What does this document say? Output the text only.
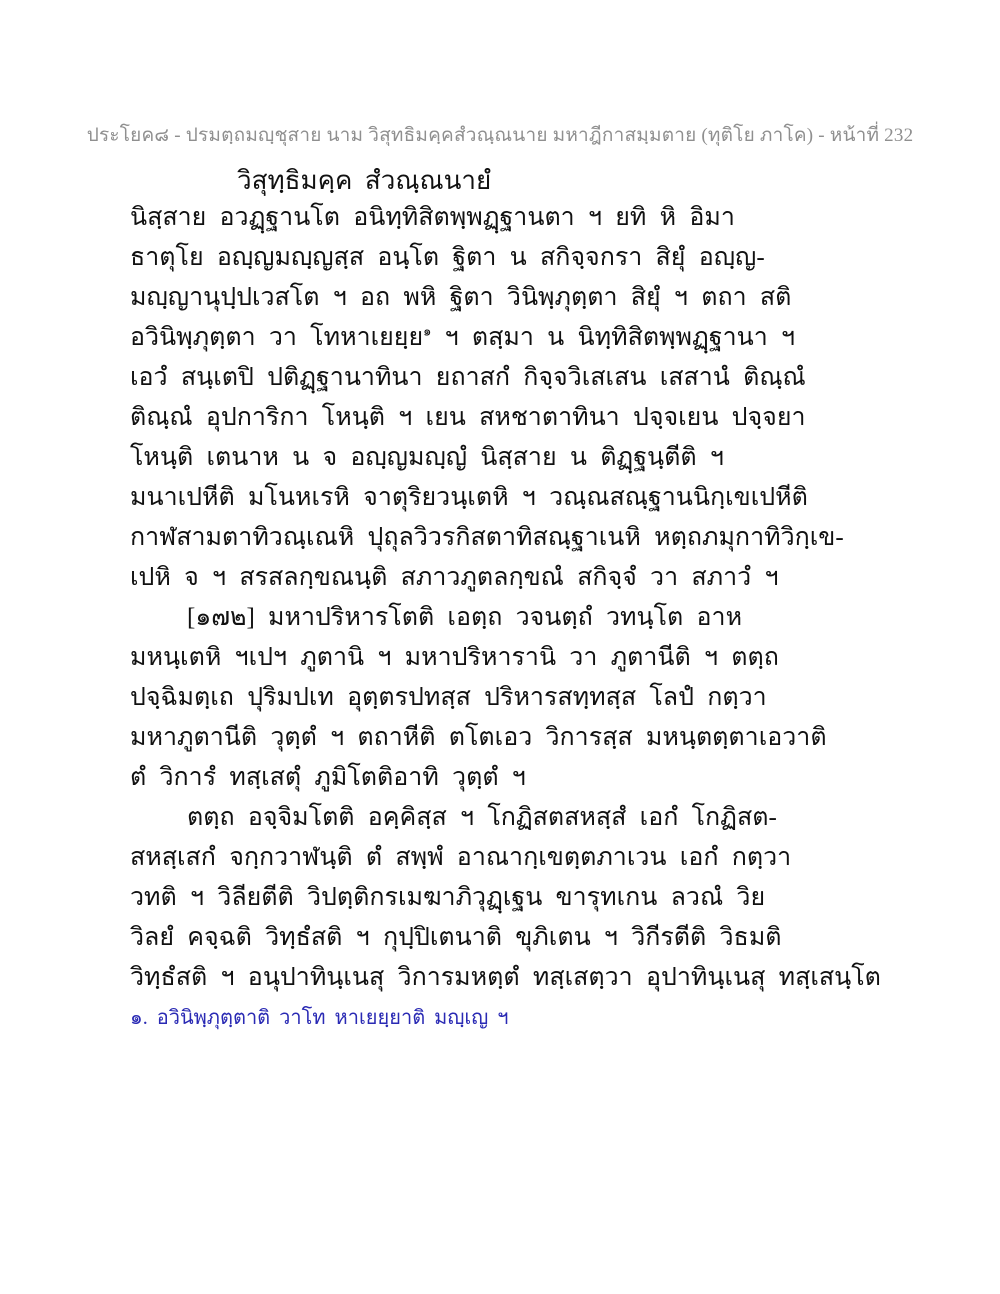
ประโยค๘ - ปรมตฺถมญฺชุสาย นาม วิสุทธิมคฺคสํวณฺณนาย มหาฎีกาสมฺมตาย (ทุติโย ภาโค) - หน้าที่ 232
วิสุทฺธิมคฺค สํวณฺณนายํ
นิสฺสาย อวฏฺฐานโต อนิทฺทิสิตพฺพฏฺฐานตา ฯ ยทิ หิ อิมา
ธาตุโย อญฺญมญฺญสฺส อนฺโต ฐิตา น สกิจฺจกรา สิยุํ อญฺญ-
มญฺญานุปฺปเวสโต ฯ อถ พหิ ฐิตา วินิพฺภุตฺตา สิยุํ ฯ ตถา สติ
อวินิพฺภุตฺตา วา โทหาเยยฺย$^๑$ ฯ ตสฺมา น นิทฺทิสิตพฺพฏฺฐานา ฯ
เอวํ สนฺเตปิ ปติฏฺฐานาทินา ยถาสกํ กิจฺจวิเสเสน เสสานํ ติณฺณํ
ติณฺณํ อุปการิกา โหนฺติ ฯ เยน สหชาตาทินา ปจฺจเยน ปจฺจยา
โหนฺติ เตนาห น จ อญฺญมญฺญํ นิสฺสาย น ติฏฺฐนฺตีติ ฯ
มนาเปหีติ มโนหเรหิ จาตุริยวนฺเตหิ ฯ วณฺณสณฺฐานนิกฺเขเปหีติ
กาฬสามตาทิวณฺเณหิ ปุถุลวิวรกิสตาทิสณฺฐาเนหิ หตฺถภมุกาทิวิกฺเข-
เปหิ จ ฯ สรสลกฺขณนฺติ สภาวภูตลกฺขณํ สกิจฺจํ วา สภาวํ ฯ
[๑๗๒] มหาปริหารโตติ เอตฺถ วจนตฺถํ วทนฺโต อาห
มหนฺเตหิ ฯเปฯ ภูตานิ ฯ มหาปริหารานิ วา ภูตานีติ ฯ ตตฺถ
ปจฺฉิมตฺเถ ปุริมปเท อุตฺตรปทสฺส ปริหารสทฺทสฺส โลปํ กตฺวา
มหาภูตานีติ วุตฺตํ ฯ ตถาหีติ ตโตเอว วิการสฺส มหนฺตตฺตาเอวาติ
ตํ วิการํ ทสฺเสตุํ ภูมิโตติอาทิ วุตฺตํ ฯ
ตตฺถ อจฺจิมโตติ อคฺคิสฺส ฯ โกฏิสตสหสฺสํ เอกํ โกฏิสต-
สหสฺเสกํ จกฺกวาฬนฺติ ตํ สพฺพํ อาณากฺเขตฺตภาเวน เอกํ กตฺวา
วทติ ฯ วิลียตีติ วิปตฺติกรเมฆาภิวุฏฺเฐน ขารุทเกน ลวณํ วิย
วิลยํ คจฺฉติ วิทฺธํสติ ฯ กุปฺปิเตนาติ ขุภิเตน ฯ วิกีรตีติ วิธมติ
วิทฺธํสติ ฯ อนุปาทินฺเนสุ วิการมหตฺตํ ทสฺเสตฺวา อุปาทินฺเนสุ ทสฺเสนฺโต
๑. อวินิพฺภุตฺตาติ วาโท หาเยยฺยาติ มญฺเญ ฯ
